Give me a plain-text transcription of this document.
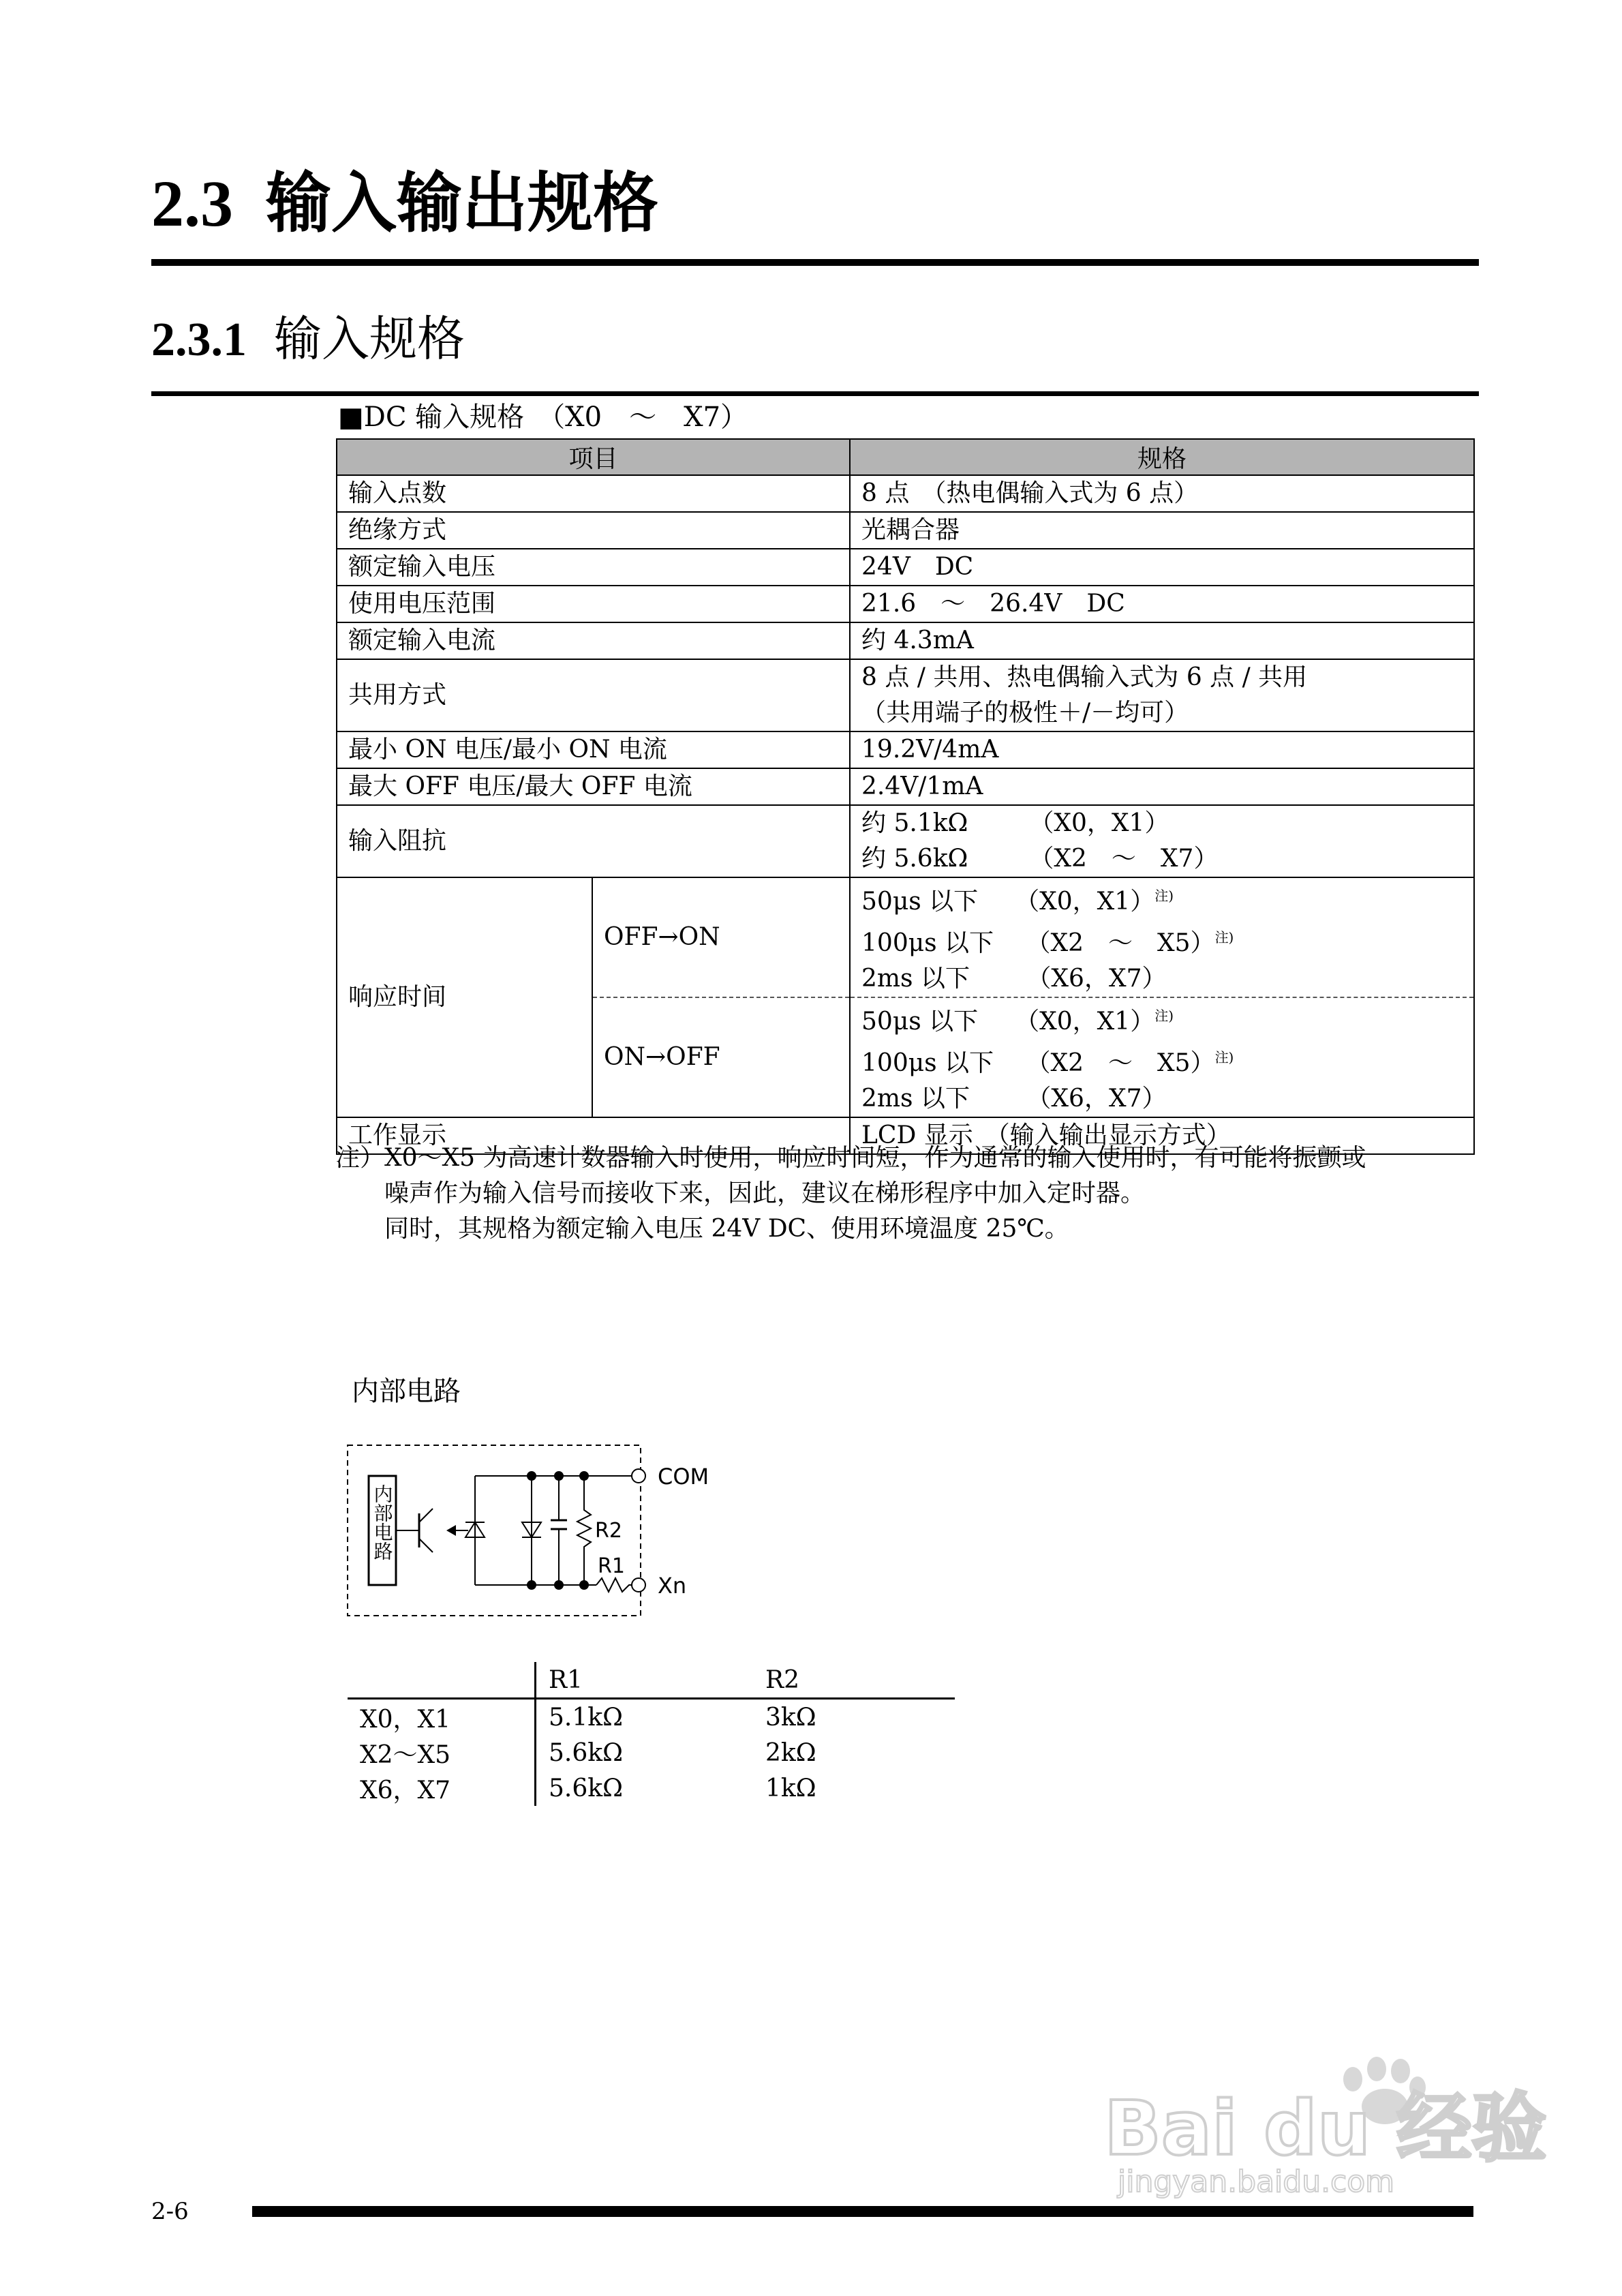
2.3 输入输出规格
2.3.1 输入规格
■DC 输入规格　（X0　～　X7）
项目		规格
输入点数		8 点　（热电偶输入式为 6 点）
绝缘方式		光耦合器
额定输入电压		24V　DC
使用电压范围		21.6　～　26.4V　DC
额定输入电流		约 4.3mA
共用方式		8 点 / 共用、热电偶输入式为 6 点 / 共用
（共用端子的极性＋/－均可）

最小 ON 电压/最小 ON 电流		19.2V/4mA
最大 OFF 电压/最大 OFF 电流		2.4V/1mA
输入阻抗		约 5.1kΩ　　　（X0，X1）
约 5.6kΩ　　　（X2　～　X7）

响应时间	OFF→ON	50μs 以下　　（X0，X1）$^{注)}$
100μs 以下　 （X2　～　X5）$^{注)}$
2ms 以下　　 （X6，X7）

	ON→OFF	50μs 以下　　（X0，X1）$^{注)}$
100μs 以下　 （X2　～　X5）$^{注)}$
2ms 以下　　 （X6，X7）

工作显示		LCD 显示　（输入输出显示方式）
注）X0～X5 为高速计数器输入时使用，响应时间短，作为通常的输入使用时，有可能将振颤或
噪声作为输入信号而接收下来，因此，建议在梯形程序中加入定时器。
同时，其规格为额定输入电压 24V DC、使用环境温度 25℃。
内部电路
内部电路	R2
R1
COM
Xn
	R1	R2
X0，X1	5.1kΩ	3kΩ
X2～X5	5.6kΩ	2kΩ
X6，X7	5.6kΩ	1kΩ
2-6
Bai du 经验
jingyan.baidu.com
